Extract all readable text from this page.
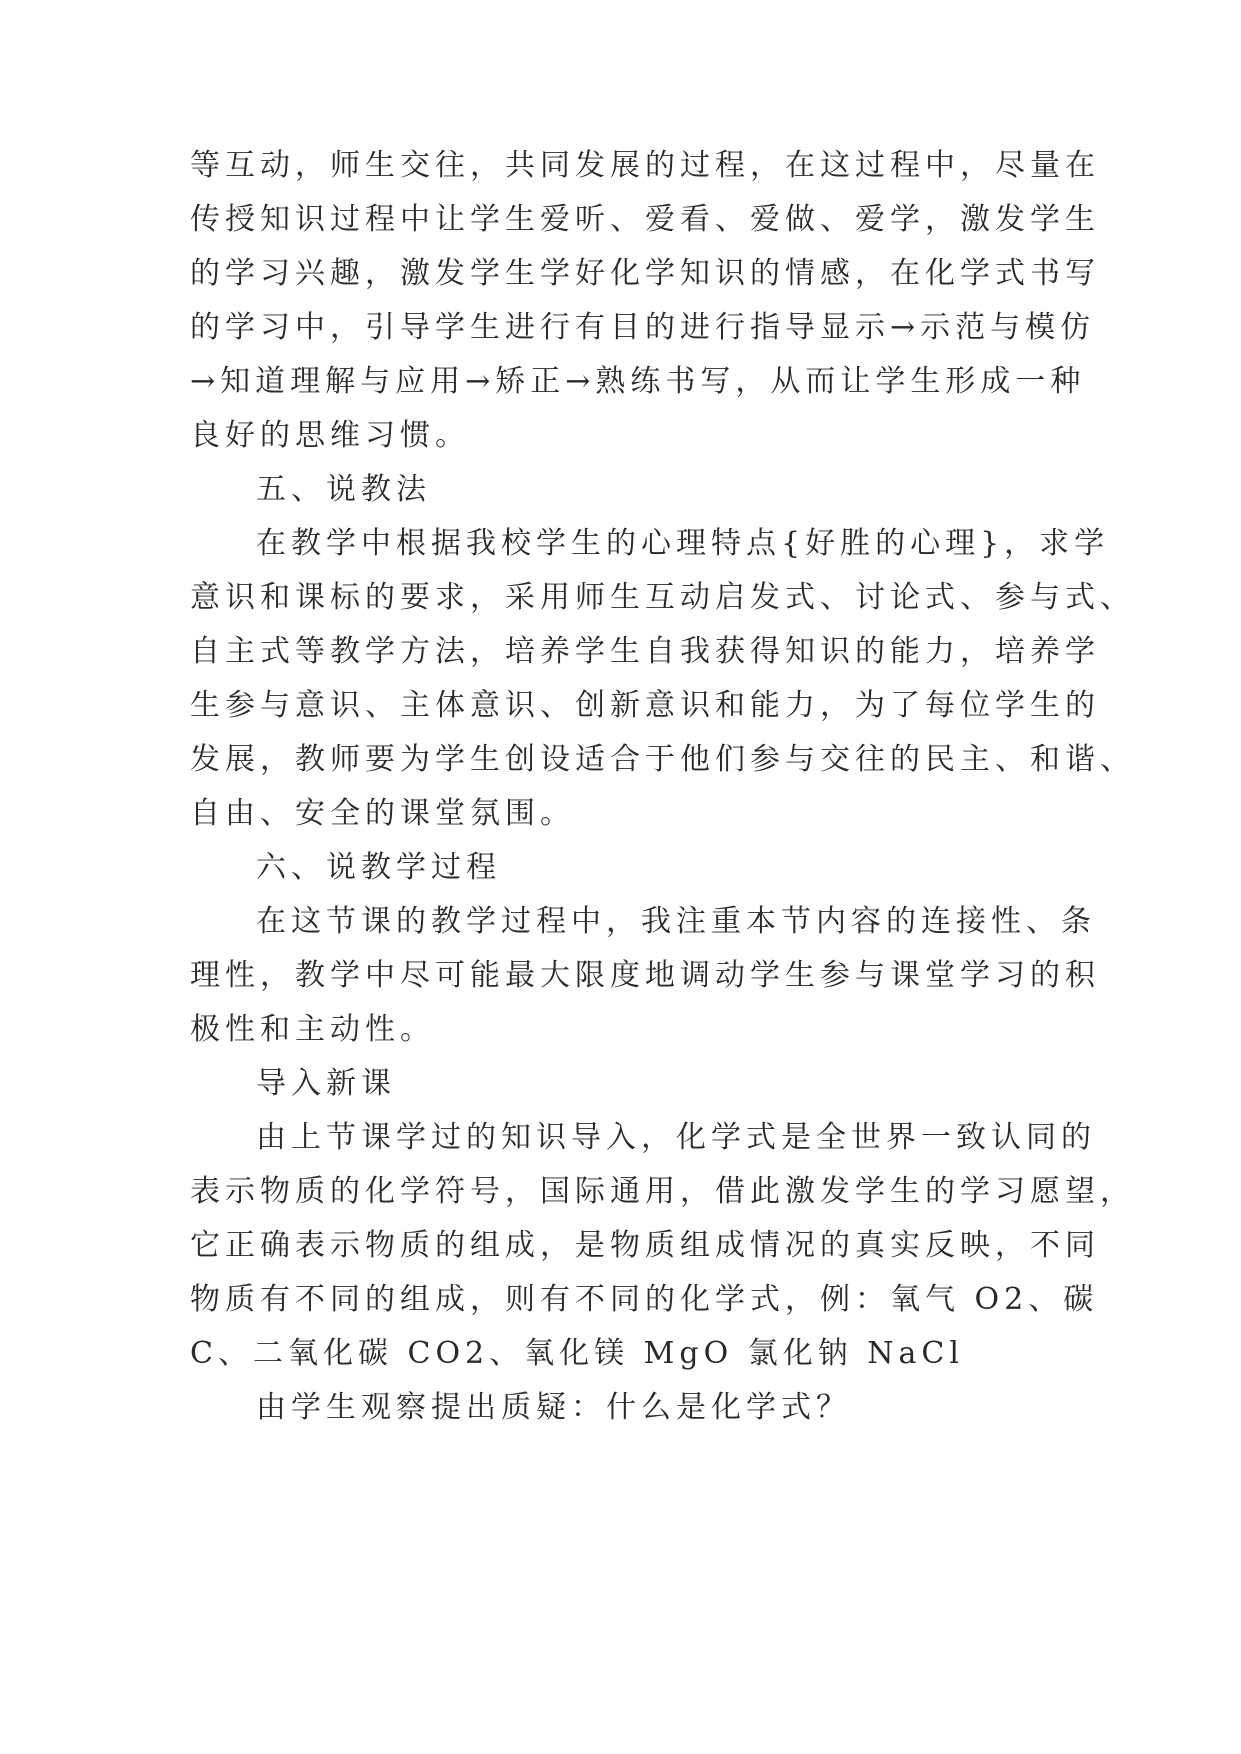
等互动，师生交往，共同发展的过程，在这过程中，尽量在
传授知识过程中让学生爱听、爱看、爱做、爱学，激发学生
的学习兴趣，激发学生学好化学知识的情感，在化学式书写
的学习中，引导学生进行有目的进行指导显示→示范与模仿
→知道理解与应用→矫正→熟练书写，从而让学生形成一种
良好的思维习惯。
五、说教法
在教学中根据我校学生的心理特点{好胜的心理}，求学
意识和课标的要求，采用师生互动启发式、讨论式、参与式、
自主式等教学方法，培养学生自我获得知识的能力，培养学
生参与意识、主体意识、创新意识和能力，为了每位学生的
发展，教师要为学生创设适合于他们参与交往的民主、和谐、
自由、安全的课堂氛围。
六、说教学过程
在这节课的教学过程中，我注重本节内容的连接性、条
理性，教学中尽可能最大限度地调动学生参与课堂学习的积
极性和主动性。
导入新课
由上节课学过的知识导入，化学式是全世界一致认同的
表示物质的化学符号，国际通用，借此激发学生的学习愿望，
它正确表示物质的组成，是物质组成情况的真实反映，不同
物质有不同的组成，则有不同的化学式，例：氧气 O2、碳
C、二氧化碳 CO2、氧化镁 MgO 氯化钠 NaCl
由学生观察提出质疑：什么是化学式？
